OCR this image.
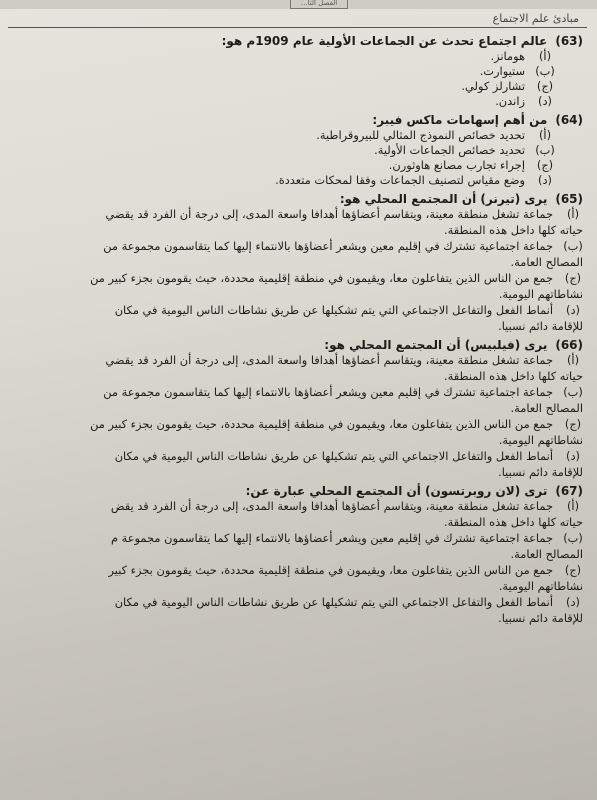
الفصل الثا...
مبادئ علم الاجتماع
(63)
عالم اجتماع تحدث عن الجماعات الأولية عام 1909م هو:
(أ)
هومانز.
(ب)
ستيوارت.
(ج)
تشارلز كولي.
(د)
زاندن.
(64)
من أهم إسهامات ماكس فيبر:
(أ)
تحديد خصائص النموذج المثالي للبيروقراطية.
(ب)
تحديد خصائص الجماعات الأولية.
(ج)
إجراء تجارب مصانع هاوثورن.
(د)
وضع مقياس لتصنيف الجماعات وفقا لمحكات متعددة.
(65)
يرى (تيرنر) أن المجتمع المحلي هو:
(أ)
جماعة تشغل منطقة معينة، ويتقاسم أعضاؤها أهدافا واسعة المدى، إلى درجة أن الفرد قد يقضي
حياته كلها داخل هذه المنطقة.
(ب)
جماعة اجتماعية تشترك في إقليم معين ويشعر أعضاؤها بالانتماء إليها كما يتقاسمون مجموعة من
المصالح العامة.
(ج)
جمع من الناس الذين يتفاعلون معا، ويقيمون في منطقة إقليمية محددة، حيث يقومون بجزء كبير من
نشاطاتهم اليومية.
(د)
أنماط الفعل والتفاعل الاجتماعي التي يتم تشكيلها عن طريق نشاطات الناس اليومية في مكان
للإقامة دائم نسبيا.
(66)
يرى (فيلبيس) أن المجتمع المحلي هو:
(أ)
جماعة تشغل منطقة معينة، ويتقاسم أعضاؤها أهدافا واسعة المدى، إلى درجة أن الفرد قد يقضي
حياته كلها داخل هذه المنطقة.
(ب)
جماعة اجتماعية تشترك في إقليم معين ويشعر أعضاؤها بالانتماء إليها كما يتقاسمون مجموعة من
المصالح العامة.
(ج)
جمع من الناس الذين يتفاعلون معا، ويقيمون في منطقة إقليمية محددة، حيث يقومون بجزء كبير من
نشاطاتهم اليومية.
(د)
أنماط الفعل والتفاعل الاجتماعي التي يتم تشكيلها عن طريق نشاطات الناس اليومية في مكان
للإقامة دائم نسبيا.
(67)
ترى (لان روبرتسون) أن المجتمع المحلي عبارة عن:
(أ)
جماعة تشغل منطقة معينة، ويتقاسم أعضاؤها أهدافا واسعة المدى، إلى درجة أن الفرد قد يقض
حياته كلها داخل هذه المنطقة.
(ب)
جماعة اجتماعية تشترك في إقليم معين ويشعر أعضاؤها بالانتماء إليها كما يتقاسمون مجموعة م
المصالح العامة.
(ج)
جمع من الناس الذين يتفاعلون معا، ويقيمون في منطقة إقليمية محددة، حيث يقومون بجزء كبير
نشاطاتهم اليومية.
(د)
أنماط الفعل والتفاعل الاجتماعي التي يتم تشكيلها عن طريق نشاطات الناس اليومية في مكان
للإقامة دائم نسبيا.
